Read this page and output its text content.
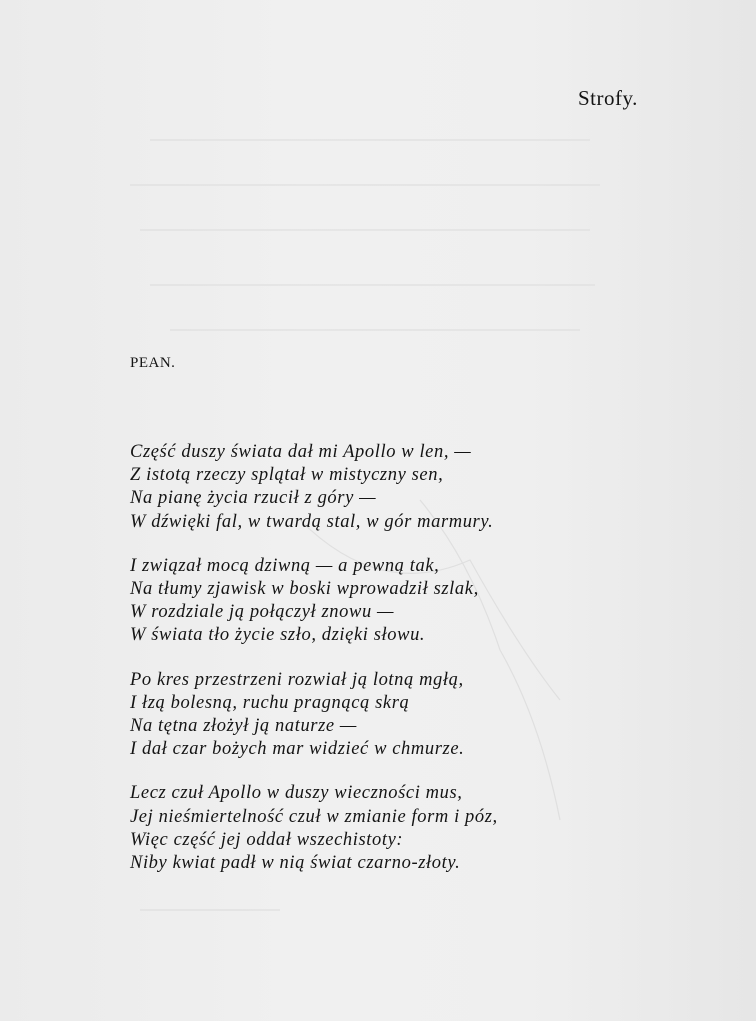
Strofy.
PEAN.
Część duszy świata dał mi Apollo w len, —
Z istotą rzeczy splątał w mistyczny sen,
Na pianę życia rzucił z góry —
W dźwięki fal, w twardą stal, w gór marmury.
I związał mocą dziwną — a pewną tak,
Na tłumy zjawisk w boski wprowadził szlak,
W rozdziale ją połączył znowu —
W świata tło życie szło, dzięki słowu.
Po kres przestrzeni rozwiał ją lotną mgłą,
I łzą bolesną, ruchu pragnącą skrą
Na tętna złożył ją naturze —
I dał czar bożych mar widzieć w chmurze.
Lecz czuł Apollo w duszy wieczności mus,
Jej nieśmiertelność czuł w zmianie form i póz,
Więc część jej oddał wszechistoty:
Niby kwiat padł w nią świat czarno-złoty.
